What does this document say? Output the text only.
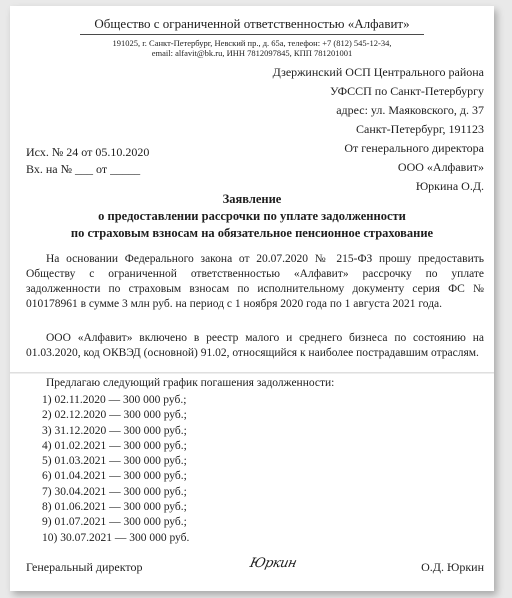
Общество с ограниченной ответственностью «Алфавит»
191025, г. Санкт-Петербург, Невский пр., д. 65а, телефон: +7 (812) 545-12-34,
email: alfavit@bk.ru, ИНН 7812097845, КПП 781201001
Дзержинский ОСП Центрального района
УФССП по Санкт-Петербургу
адрес: ул. Маяковского, д. 37
Санкт-Петербург, 191123
От генерального директора
ООО «Алфавит»
Юркина О.Д.
Исх. № 24 от 05.10.2020
Вх. на № ___ от _____
Заявление
о предоставлении рассрочки по уплате задолженности
по страховым взносам на обязательное пенсионное страхование
На основании Федерального закона от 20.07.2020 № 215-ФЗ прошу предоставить Обществу с ограниченной ответственностью «Алфавит» рассрочку по уплате задолженности по страховым взносам по исполнительному документу серия ФС № 010178961 в сумме 3 млн руб. на период с 1 ноября 2020 года по 1 августа 2021 года.
ООО «Алфавит» включено в реестр малого и среднего бизнеса по состоянию на 01.03.2020, код ОКВЭД (основной) 91.02, относящийся к наиболее пострадавшим отраслям.
Предлагаю следующий график погашения задолженности:
1) 02.11.2020 — 300 000 руб.;
2) 02.12.2020 — 300 000 руб.;
3) 31.12.2020 — 300 000 руб.;
4) 01.02.2021 — 300 000 руб.;
5) 01.03.2021 — 300 000 руб.;
6) 01.04.2021 — 300 000 руб.;
7) 30.04.2021 — 300 000 руб.;
8) 01.06.2021 — 300 000 руб.;
9) 01.07.2021 — 300 000 руб.;
10) 30.07.2021 — 300 000 руб.
Генеральный директор	Юркин	О.Д. Юркин
